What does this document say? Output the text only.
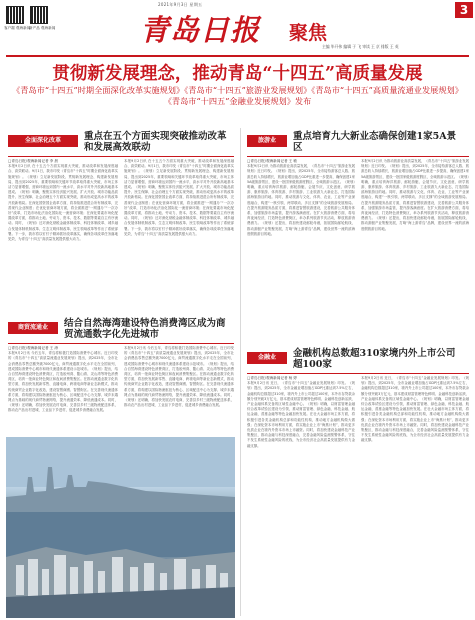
客户端 观海新闻
新产品 观海新闻
2021年9月3日 星期五
青岛日报 聚焦
3
主编 毕开伟 编辑 于 飞 审读 王 京 排版 王 英
贯彻新发展理念，推动青岛“十四五”高质量发展
《青岛市“十四五”时期全面深化改革实施规划》《青岛市“十四五”旅游业发展规划》《青岛市“十四五”高质量流通业发展规划》《青岛市“十四五”金融业发展规划》发布
全面深化改革	重点在五个方面实现突破推动改革和发展高效联动
□青岛日报/观海新闻记者 李 晨
本报9月2日讯 在十五五个方面实现重大突破，推动改革和发展深度融合、高效联动。9月1日，我市印发《青岛市“十四五”时期全面深化改革实施规划》。《规划》立足新发展阶段、贯彻新发展理念、构建新发展格局，提出到2025年，重要领域和关键环节改革取得重大突破，市场主体活力显著增强，营商环境达到国内一流水平，高水平对外开放新高地基本建成。《规划》明确，聚焦实体经济振兴发展、扩大开放、城市功能品质提升、民生保障、社会治理五个方面实现突破，推动形成更高水平的改革开放新格局。在深化国资国企改革方面，将持续推进混合所有制改革，完善现代企业制度；在优化营商环境方面，将全面推进“一网通办”“一次办好”改革，打造市场化法治化国际化一流营商环境；在深化要素市场化配置改革方面，将推动土地、劳动力、资本、技术、数据等要素自主有序流动。同时，《规划》还对深化财税金融体制改革、科技体制改革、城乡融合发展体制机制改革、生态文明体制改革、民生领域改革等作出了系统部署。下一步，我市将以钉钉子精神抓好改革落实，确保各项改革任务落地见效，为青岛“十四五”高质量发展提供强大动力。
本报9月2日讯 在十五五个方面实现重大突破，推动改革和发展深度融合、高效联动。9月1日，我市印发《青岛市“十四五”时期全面深化改革实施规划》。《规划》立足新发展阶段、贯彻新发展理念、构建新发展格局，提出到2025年，重要领域和关键环节改革取得重大突破，市场主体活力显著增强，营商环境达到国内一流水平，高水平对外开放新高地基本建成。《规划》明确，聚焦实体经济振兴发展、扩大开放、城市功能品质提升、民生保障、社会治理五个方面实现突破，推动形成更高水平的改革开放新格局。在深化国资国企改革方面，将持续推进混合所有制改革，完善现代企业制度；在优化营商环境方面，将全面推进“一网通办”“一次办好”改革，打造市场化法治化国际化一流营商环境；在深化要素市场化配置改革方面，将推动土地、劳动力、资本、技术、数据等要素自主有序流动。同时，《规划》还对深化财税金融体制改革、科技体制改革、城乡融合发展体制机制改革、生态文明体制改革、民生领域改革等作出了系统部署。下一步，我市将以钉钉子精神抓好改革落实，确保各项改革任务落地见效，为青岛“十四五”高质量发展提供强大动力。
旅游业	重点培育九大新业态确保创建1家5A景区
□青岛日报/观海新闻记者 王 敏
本报9月2日讯 为推动旅游业高质量发展，《青岛市“十四五”旅游业发展规划》近日印发。《规划》提出，到2025年，全市接待游客总人数、旅游总收入持续增长，旅游业增加值占GDP比重进一步提高，确保创建1家5A级旅游景区，建设一批国家级旅游度假区、全域旅游示范区。《规划》明确，重点培育海洋旅游、邮轮游艇、会展节庆、文化创意、研学旅游、康养旅游、体育旅游、乡村旅游、工业旅游九大新业态，打造国际滨海旅游目的地。同时，推动旅游与文化、体育、农业、工业等产业深度融合，构建“一核引领、两带联动、多区支撑”的全域旅游发展格局。在提升旅游服务品质方面，将推进智慧旅游建设，完善旅游公共服务体系，加强旅游市场监管，提升游客满意度。在扩大旅游消费方面，将培育夜间经济，打造特色消费街区，举办系列旅游节庆活动，释放旅游消费潜力。《规划》还提出，将加快建设邮轮母港，拓展国际邮轮航线，推动游艇产业集聚发展，打响“海上游青岛”品牌，建设世界一流的滨海度假旅游目的地。
本报9月2日讯 为推动旅游业高质量发展，《青岛市“十四五”旅游业发展规划》近日印发。《规划》提出，到2025年，全市接待游客总人数、旅游总收入持续增长，旅游业增加值占GDP比重进一步提高，确保创建1家5A级旅游景区，建设一批国家级旅游度假区、全域旅游示范区。《规划》明确，重点培育海洋旅游、邮轮游艇、会展节庆、文化创意、研学旅游、康养旅游、体育旅游、乡村旅游、工业旅游九大新业态，打造国际滨海旅游目的地。同时，推动旅游与文化、体育、农业、工业等产业深度融合，构建“一核引领、两带联动、多区支撑”的全域旅游发展格局。在提升旅游服务品质方面，将推进智慧旅游建设，完善旅游公共服务体系，加强旅游市场监管，提升游客满意度。在扩大旅游消费方面，将培育夜间经济，打造特色消费街区，举办系列旅游节庆活动，释放旅游消费潜力。《规划》还提出，将加快建设邮轮母港，拓展国际邮轮航线，推动游艇产业集聚发展，打响“海上游青岛”品牌，建设世界一流的滨海度假旅游目的地。
商贸流通业	结合自然海湾建设特色消费湾区成为商贸流通数字化先进城市
□青岛日报/观海新闻记者 王 涛
本报9月2日讯 今后五年，青岛将积极打造国际消费中心城市。近日印发的《青岛市“十四五”高质量流通业发展规划》提出，到2025年，全市社会消费品零售总额突破7000亿元，商贸流通数字化水平走在全国前列，建成国际消费中心城市和现代流通体系建设示范城市。《规划》提出，结合自然海湾建设特色消费湾区，打造胶州湾、鳌山湾、灵山湾等特色消费湾区，培育一批商业特色街区和夜间消费集聚区。在推动流通业数字化转型方面，将加快发展新零售、直播电商、跨境电商等新业态新模式，推动传统商贸企业数字化改造，建设智慧商圈、智慧街区。在完善现代流通体系方面，将构建以国际物流枢纽为核心、区域配送中心为支撑、城乡末端网点为基础的现代商贸物流网络，提升流通效率、降低流通成本。同时，《规划》还明确，将加快发展农村电商，完善县乡村三级物流配送体系，推动农产品出村进城、工业品下乡进村，促进城乡消费融合发展。
本报9月2日讯 今后五年，青岛将积极打造国际消费中心城市。近日印发的《青岛市“十四五”高质量流通业发展规划》提出，到2025年，全市社会消费品零售总额突破7000亿元，商贸流通数字化水平走在全国前列，建成国际消费中心城市和现代流通体系建设示范城市。《规划》提出，结合自然海湾建设特色消费湾区，打造胶州湾、鳌山湾、灵山湾等特色消费湾区，培育一批商业特色街区和夜间消费集聚区。在推动流通业数字化转型方面，将加快发展新零售、直播电商、跨境电商等新业态新模式，推动传统商贸企业数字化改造，建设智慧商圈、智慧街区。在完善现代流通体系方面，将构建以国际物流枢纽为核心、区域配送中心为支撑、城乡末端网点为基础的现代商贸物流网络，提升流通效率、降低流通成本。同时，《规划》还明确，将加快发展农村电商，完善县乡村三级物流配送体系，推动农产品出村进城、工业品下乡进村，促进城乡消费融合发展。
金融业	金融机构总数超310家境内外上市公司超100家
□青岛日报/观海新闻记者 杨 婷
本报9月2日讯 近日，《青岛市“十四五”金融业发展规划》印发。《规划》提出，到2025年，全市金融业增加值占GDP比重达到7.5%左右，金融机构总数超过310家，境内外上市公司超过100家，本外币存贷款余额分别突破3万亿元，基本建成财富管理特色鲜明、金融科技创新活跃、产业金融体系完备的区域性金融中心。《规划》明确，以财富管理金融综合改革试验区建设为引领，推动财富管理、绿色金融、科技金融、航运金融、普惠金融等特色金融加快发展。在壮大金融市场主体方面，将积极引进各类金融机构总部和功能性机构，推动地方金融机构做大做强；在深化资本市场利用方面，将实施企业上市“海燕计划”，推动更多优质企业在境内外资本市场上市融资。同时，将加快建设金融科技产业集聚区，推动金融与科技深度融合，完善金融风险监测预警体系，守住不发生系统性金融风险的底线，为全市经济社会高质量发展提供有力金融支撑。
本报9月2日讯 近日，《青岛市“十四五”金融业发展规划》印发。《规划》提出，到2025年，全市金融业增加值占GDP比重达到7.5%左右，金融机构总数超过310家，境内外上市公司超过100家，本外币存贷款余额分别突破3万亿元，基本建成财富管理特色鲜明、金融科技创新活跃、产业金融体系完备的区域性金融中心。《规划》明确，以财富管理金融综合改革试验区建设为引领，推动财富管理、绿色金融、科技金融、航运金融、普惠金融等特色金融加快发展。在壮大金融市场主体方面，将积极引进各类金融机构总部和功能性机构，推动地方金融机构做大做强；在深化资本市场利用方面，将实施企业上市“海燕计划”，推动更多优质企业在境内外资本市场上市融资。同时，将加快建设金融科技产业集聚区，推动金融与科技深度融合，完善金融风险监测预警体系，守住不发生系统性金融风险的底线，为全市经济社会高质量发展提供有力金融支撑。
